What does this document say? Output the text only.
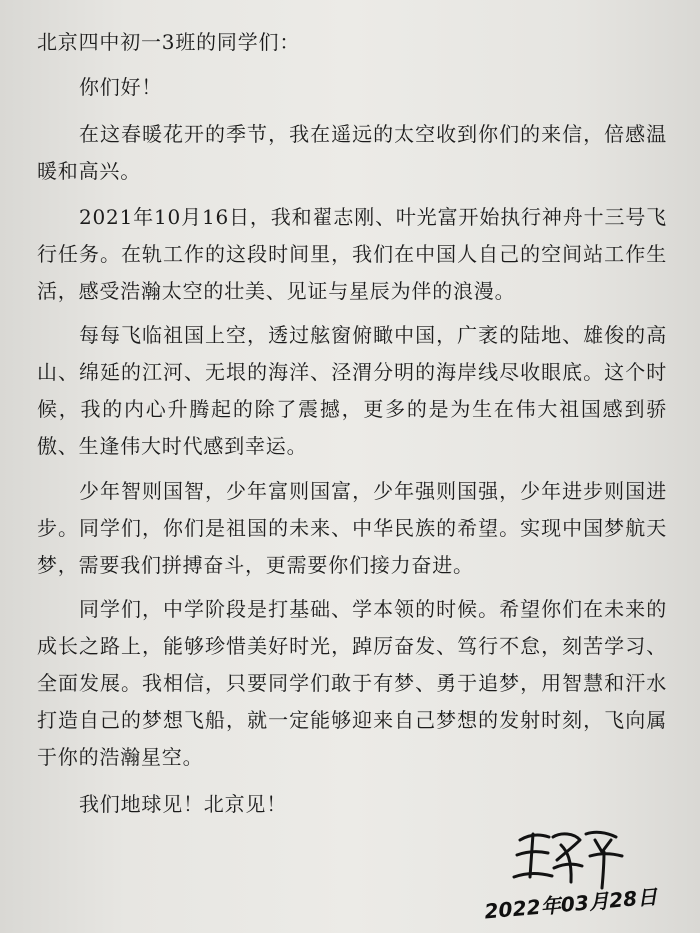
北京四中初一3班的同学们：

你们好！

在这春暖花开的季节，我在遥远的太空收到你们的来信，倍感温暖和高兴。

2021年10月16日，我和翟志刚、叶光富开始执行神舟十三号飞行任务。在轨工作的这段时间里，我们在中国人自己的空间站工作生活，感受浩瀚太空的壮美、见证与星辰为伴的浪漫。

每每飞临祖国上空，透过舷窗俯瞰中国，广袤的陆地、雄俊的高山、绵延的江河、无垠的海洋、泾渭分明的海岸线尽收眼底。这个时候，我的内心升腾起的除了震撼，更多的是为生在伟大祖国感到骄傲、生逢伟大时代感到幸运。

少年智则国智，少年富则国富，少年强则国强，少年进步则国进步。同学们，你们是祖国的未来、中华民族的希望。实现中国梦航天梦，需要我们拼搏奋斗，更需要你们接力奋进。

同学们，中学阶段是打基础、学本领的时候。希望你们在未来的成长之路上，能够珍惜美好时光，踔厉奋发、笃行不怠，刻苦学习、全面发展。我相信，只要同学们敢于有梦、勇于追梦，用智慧和汗水打造自己的梦想飞船，就一定能够迎来自己梦想的发射时刻，飞向属于你的浩瀚星空。

我们地球见！北京见！

2022年03月28日
